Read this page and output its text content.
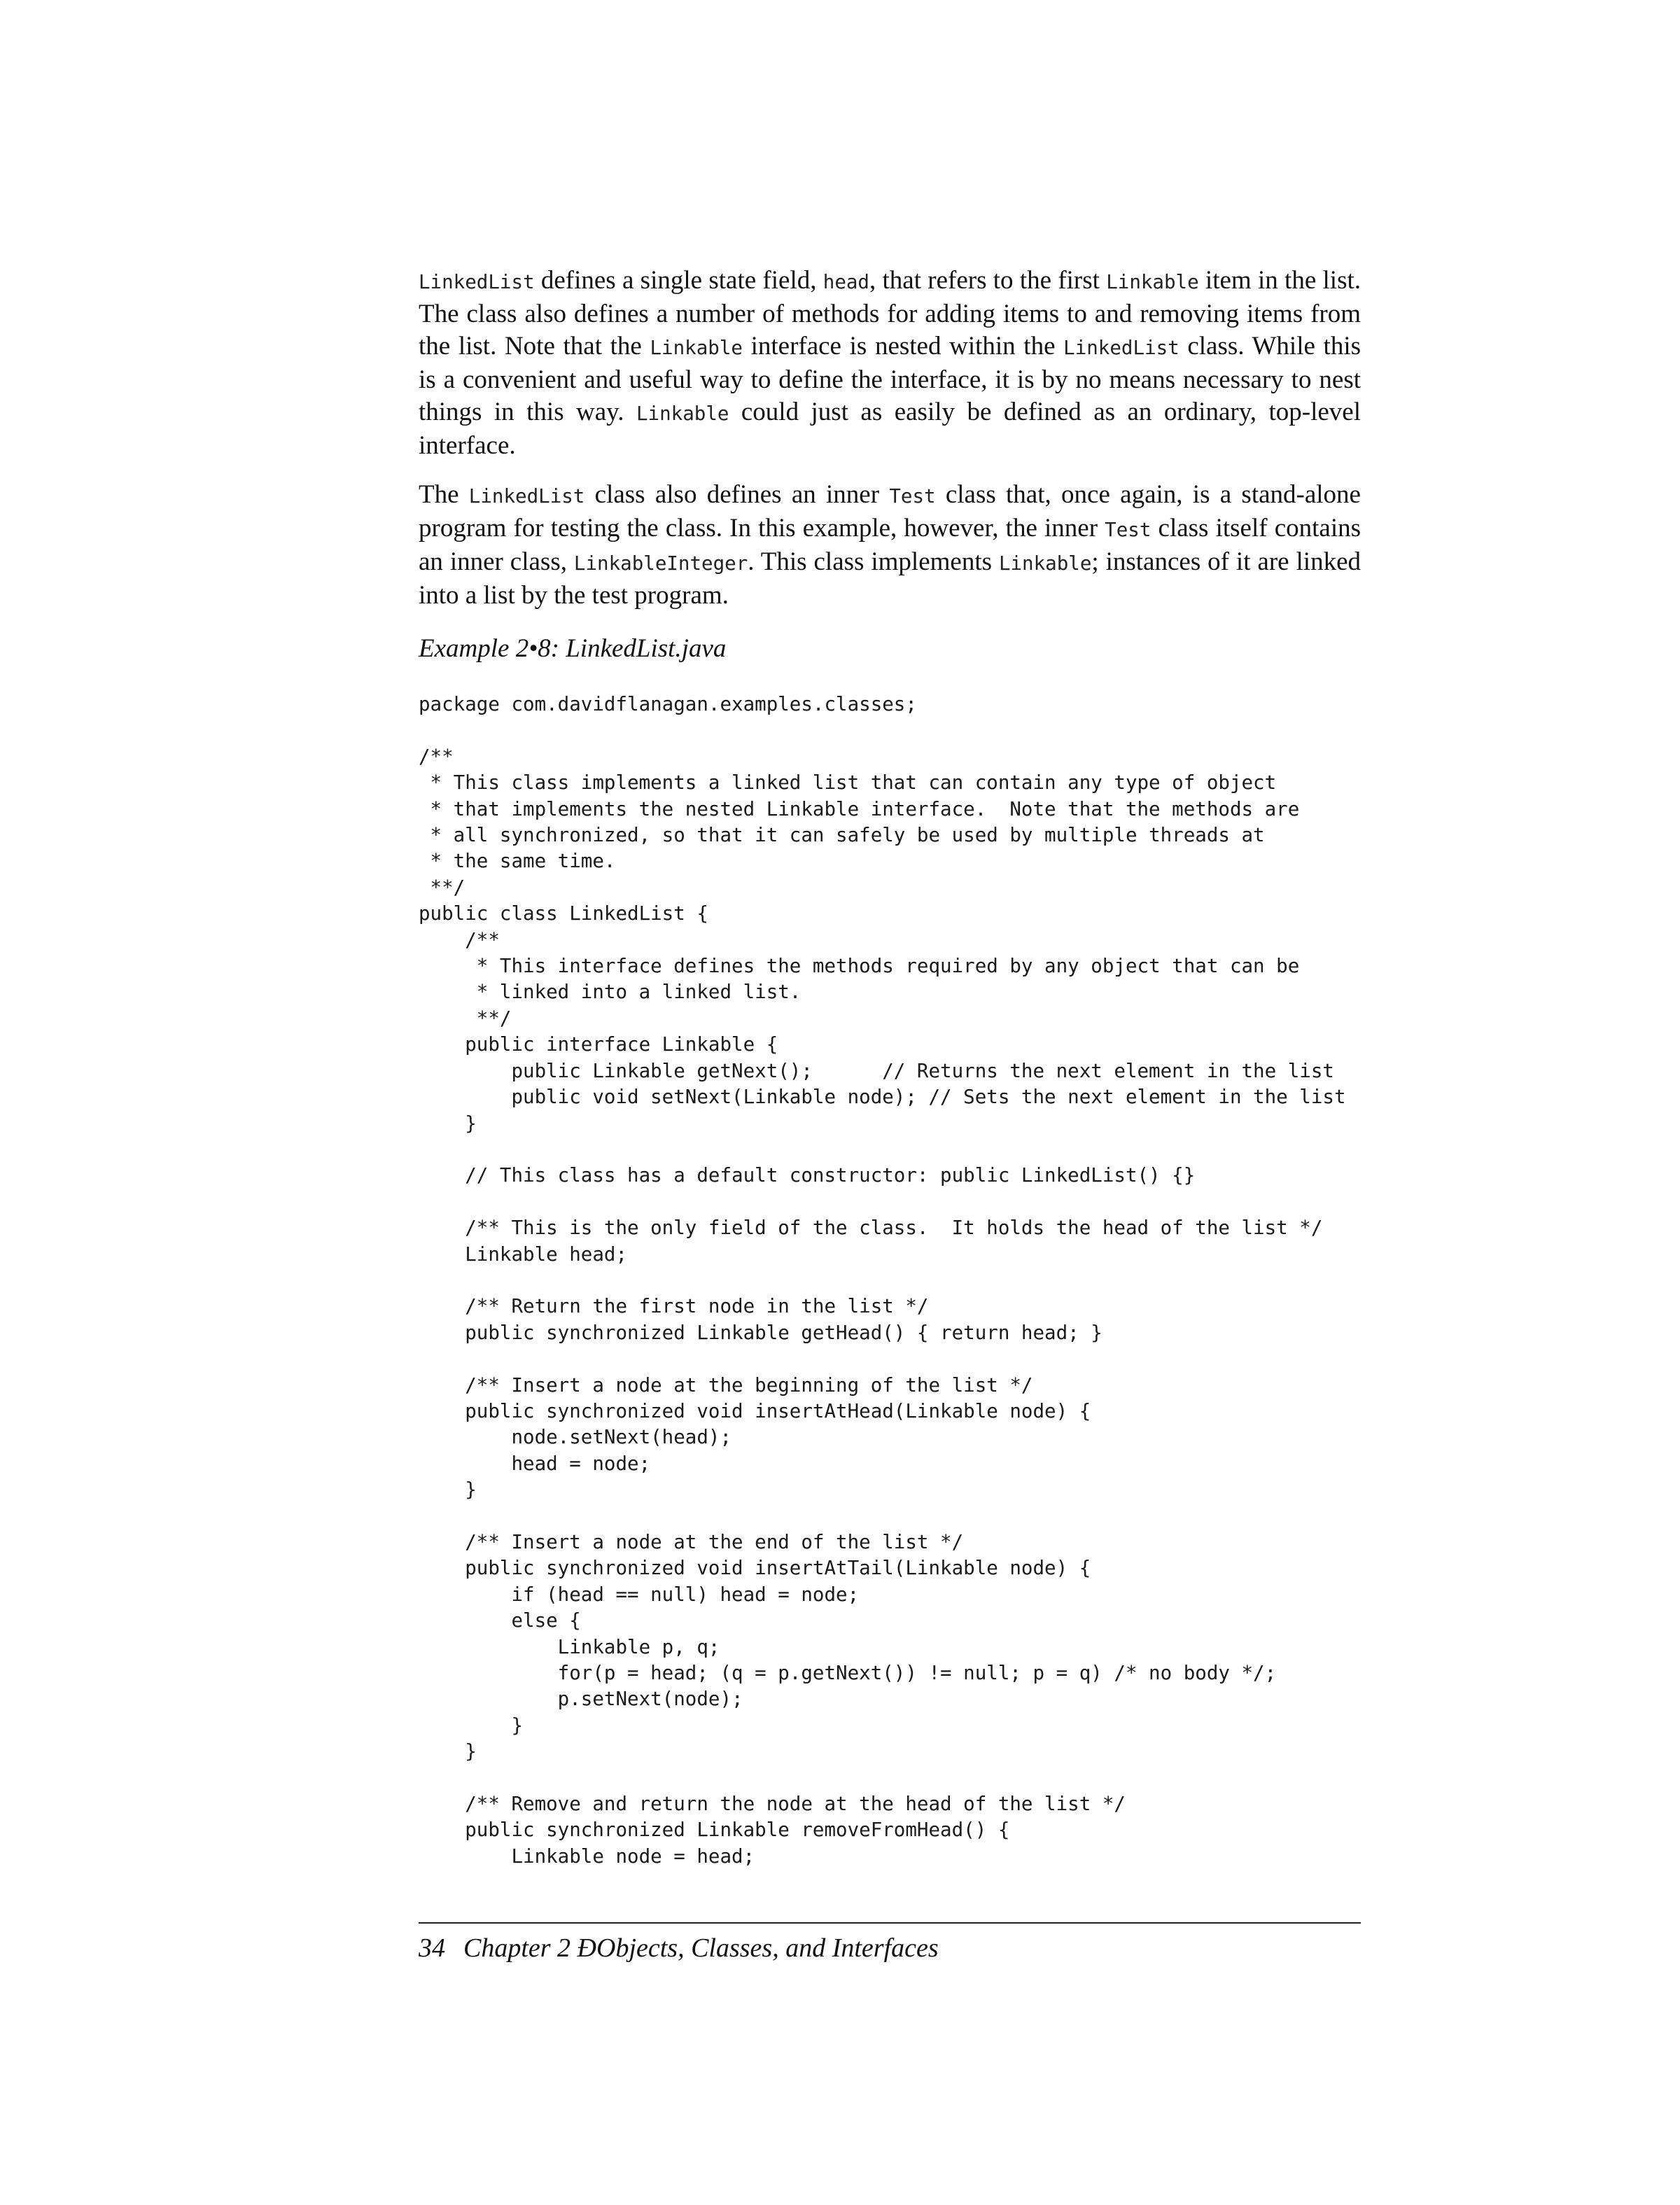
LinkedList defines a single state field, head, that refers to the first Linkable item in the list. The class also defines a number of methods for adding items to and removing items from the list. Note that the Linkable interface is nested within the LinkedList class. While this is a convenient and useful way to define the interface, it is by no means necessary to nest things in this way. Linkable could just as easily be defined as an ordinary, top-level interface.

The LinkedList class also defines an inner Test class that, once again, is a stand-alone program for testing the class. In this example, however, the inner Test class itself contains an inner class, LinkableInteger. This class implements Linkable; instances of it are linked into a list by the test program.

Example 2•8: LinkedList.java
package com.davidflanagan.examples.classes;

/**
* This class implements a linked list that can contain any type of object
* that implements the nested Linkable interface.  Note that the methods are
* all synchronized, so that it can safely be used by multiple threads at
* the same time.
**/
public class LinkedList {
/**
* This interface defines the methods required by any object that can be
* linked into a linked list.
**/
public interface Linkable {
public Linkable getNext();      // Returns the next element in the list
public void setNext(Linkable node); // Sets the next element in the list
}

// This class has a default constructor: public LinkedList() {}

/** This is the only field of the class.  It holds the head of the list */
Linkable head;

/** Return the first node in the list */
public synchronized Linkable getHead() { return head; }

/** Insert a node at the beginning of the list */
public synchronized void insertAtHead(Linkable node) {
node.setNext(head);
head = node;
}

/** Insert a node at the end of the list */
public synchronized void insertAtTail(Linkable node) {
if (head == null) head = node;
else {
Linkable p, q;
for(p = head; (q = p.getNext()) != null; p = q) /* no body */;
p.setNext(node);
}
}

/** Remove and return the node at the head of the list */
public synchronized Linkable removeFromHead() {
Linkable node = head;
34 Chapter 2 ÐObjects, Classes, and Interfaces
